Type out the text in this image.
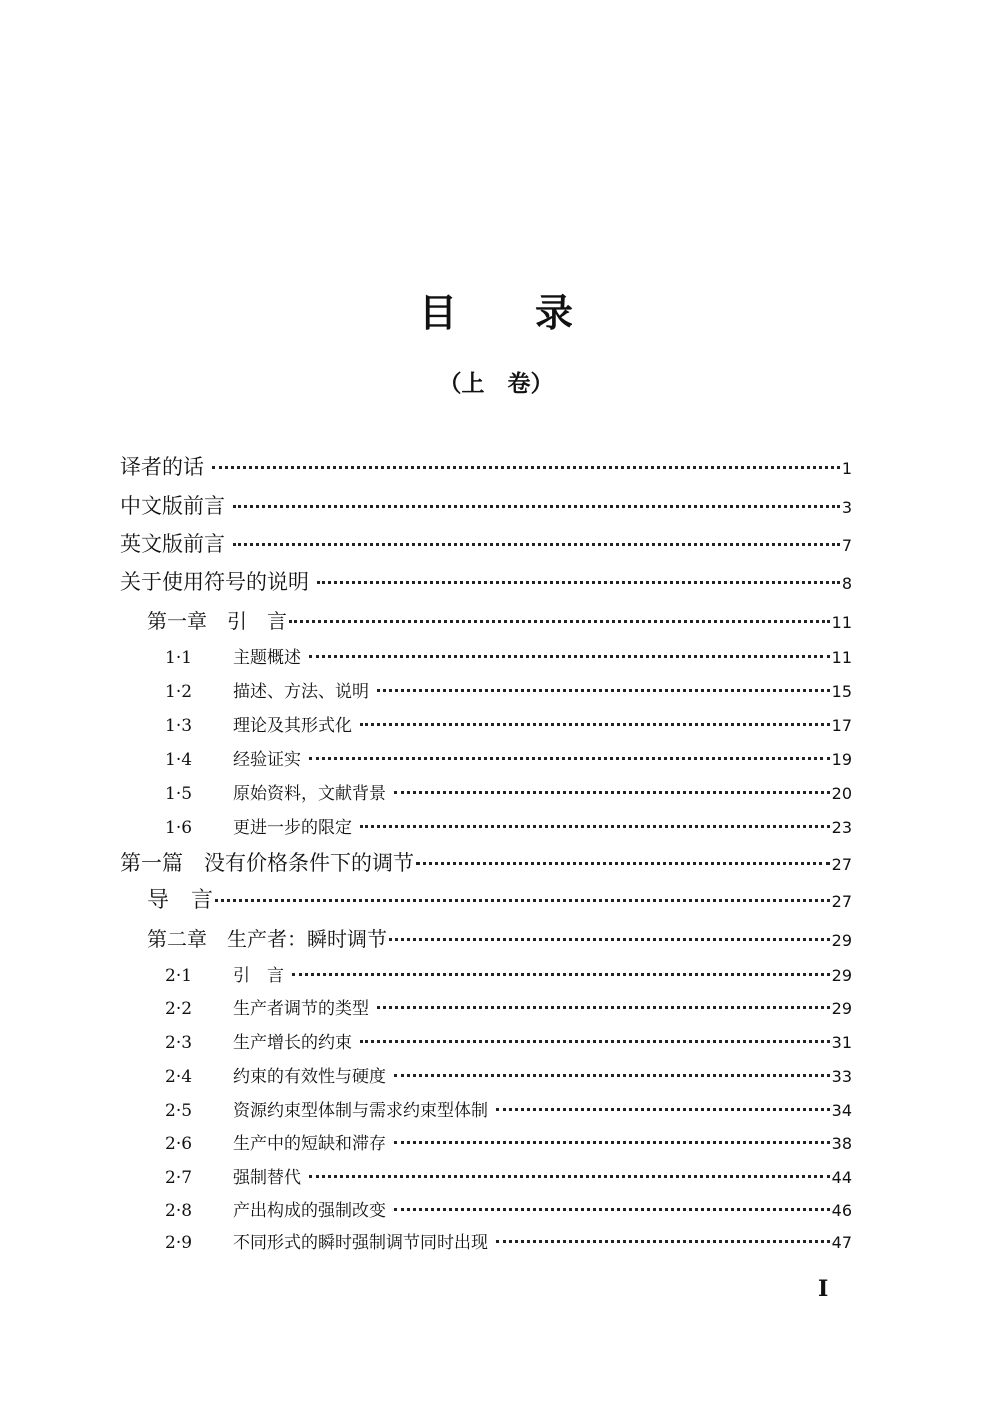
目 录
（上　卷）
译者的话	1
中文版前言	3
英文版前言	7
关于使用符号的说明	8
第一章　引　言	11
1·1	主题概述	11
1·2	描述、方法、说明	15
1·3	理论及其形式化	17
1·4	经验证实	19
1·5	原始资料，文献背景	20
1·6	更进一步的限定	23
第一篇　没有价格条件下的调节	27
导　言	27
第二章　生产者：瞬时调节	29
2·1	引　言	29
2·2	生产者调节的类型	29
2·3	生产增长的约束	31
2·4	约束的有效性与硬度	33
2·5	资源约束型体制与需求约束型体制	34
2·6	生产中的短缺和滞存	38
2·7	强制替代	44
2·8	产出构成的强制改变	46
2·9	不同形式的瞬时强制调节同时出现	47
I
